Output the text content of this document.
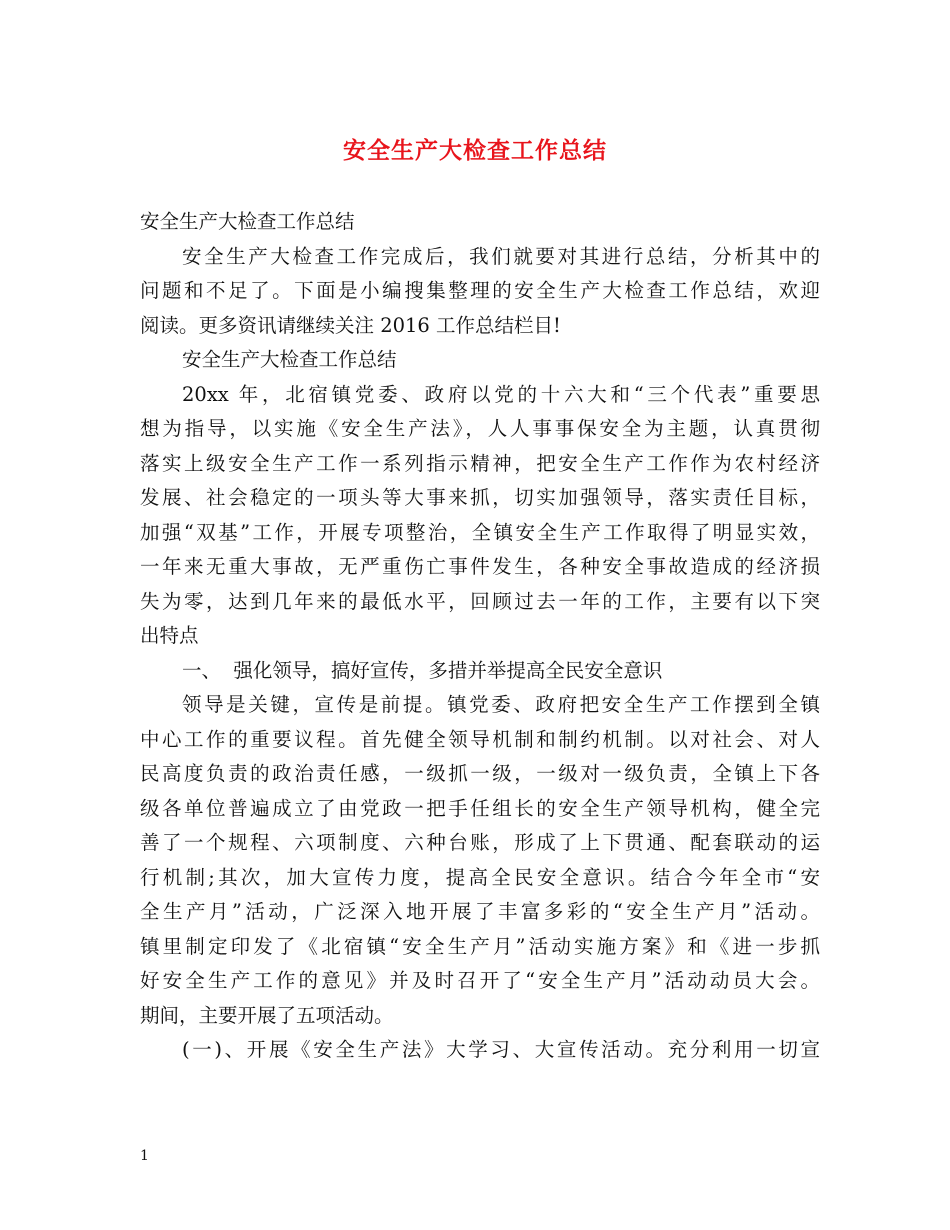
安全生产大检查工作总结
安全生产大检查工作总结
安全生产大检查工作完成后，我们就要对其进行总结，分析其中的
问题和不足了。下面是小编搜集整理的安全生产大检查工作总结，欢迎
阅读。更多资讯请继续关注 2016 工作总结栏目!
安全生产大检查工作总结
20xx 年，北宿镇党委、政府以党的十六大和“三个代表”重要思
想为指导，以实施《安全生产法》，人人事事保安全为主题，认真贯彻
落实上级安全生产工作一系列指示精神，把安全生产工作作为农村经济
发展、社会稳定的一项头等大事来抓，切实加强领导，落实责任目标，
加强“双基”工作，开展专项整治，全镇安全生产工作取得了明显实效，
一年来无重大事故，无严重伤亡事件发生，各种安全事故造成的经济损
失为零，达到几年来的最低水平，回顾过去一年的工作，主要有以下突
出特点
一、  强化领导，搞好宣传，多措并举提高全民安全意识
领导是关键，宣传是前提。镇党委、政府把安全生产工作摆到全镇
中心工作的重要议程。首先健全领导机制和制约机制。以对社会、对人
民高度负责的政治责任感，一级抓一级，一级对一级负责，全镇上下各
级各单位普遍成立了由党政一把手任组长的安全生产领导机构，健全完
善了一个规程、六项制度、六种台账，形成了上下贯通、配套联动的运
行机制;其次，加大宣传力度，提高全民安全意识。结合今年全市“安
全生产月”活动，广泛深入地开展了丰富多彩的“安全生产月”活动。
镇里制定印发了《北宿镇“安全生产月”活动实施方案》和《进一步抓
好安全生产工作的意见》并及时召开了“安全生产月”活动动员大会。
期间，主要开展了五项活动。
(一)、开展《安全生产法》大学习、大宣传活动。充分利用一切宣
1
